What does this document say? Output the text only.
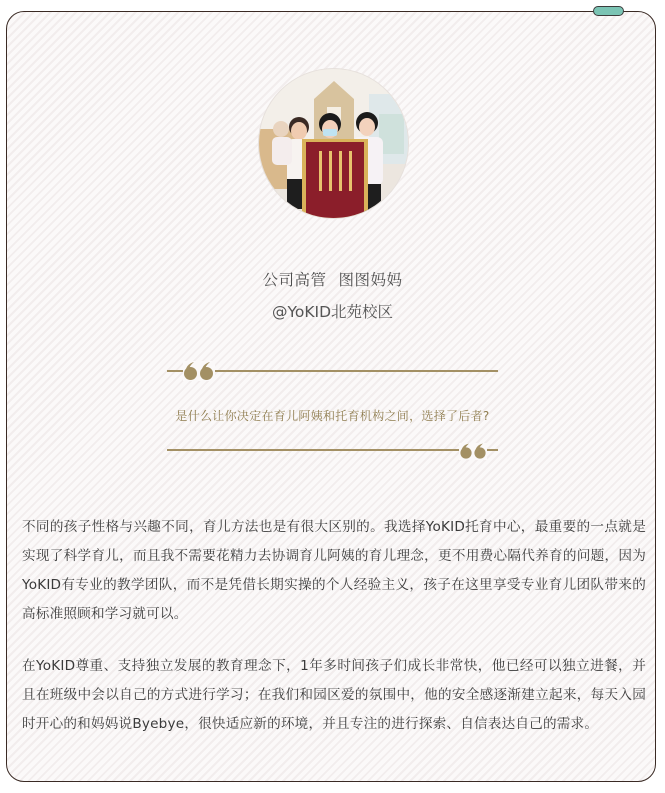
公司高管 图图妈妈
@YoKID北苑校区
是什么让你决定在育儿阿姨和托育机构之间，选择了后者?

不同的孩子性格与兴趣不同，育儿方法也是有很大区别的。我选择YoKID托育中心，最重要的一点就是实现了科学育儿，而且我不需要花精力去协调育儿阿姨的育儿理念，更不用费心隔代养育的问题，因为YoKID有专业的教学团队，而不是凭借长期实操的个人经验主义，孩子在这里享受专业育儿团队带来的高标准照顾和学习就可以。

在YoKID尊重、支持独立发展的教育理念下，1年多时间孩子们成长非常快，他已经可以独立进餐，并且在班级中会以自己的方式进行学习；在我们和园区爱的氛围中，他的安全感逐渐建立起来，每天入园时开心的和妈妈说Byebye，很快适应新的环境，并且专注的进行探索、自信表达自己的需求。
